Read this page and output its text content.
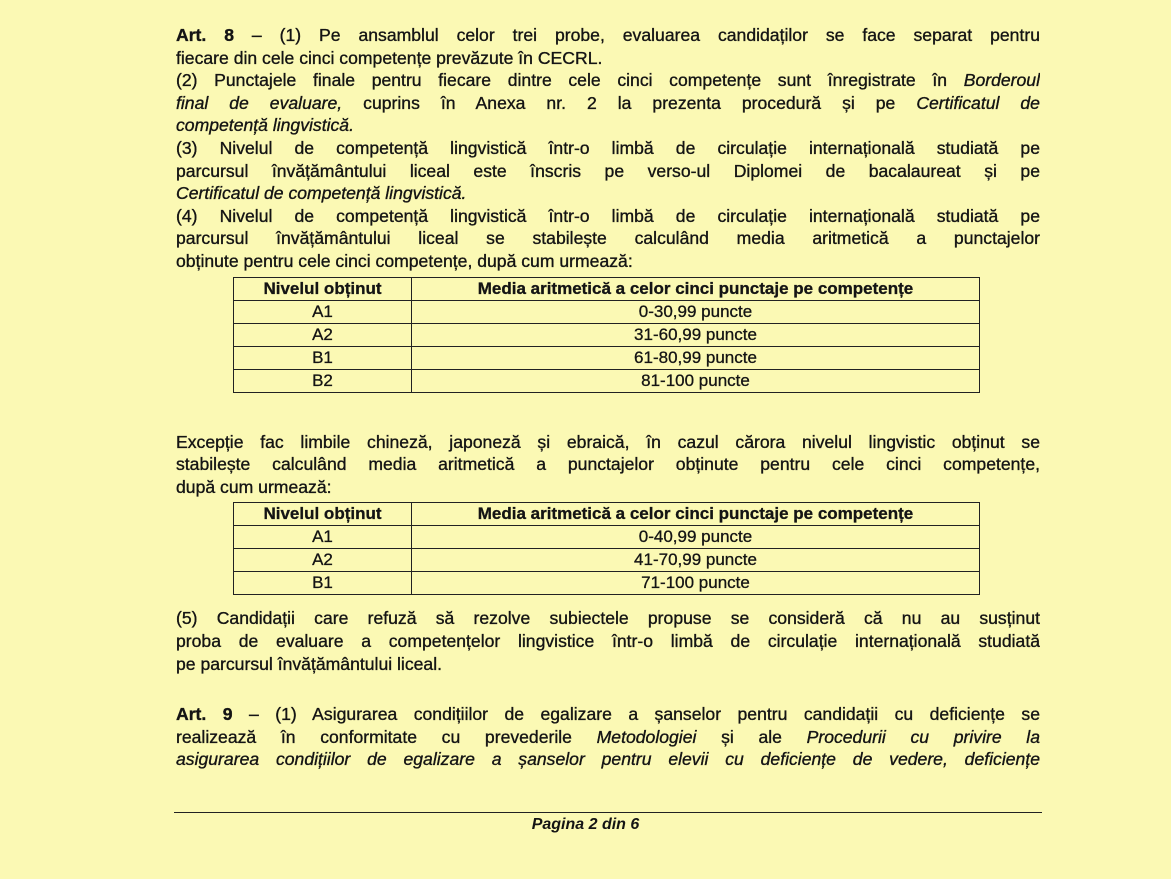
Art. 8 – (1) Pe ansamblul celor trei probe, evaluarea candidaților se face separat pentru
fiecare din cele cinci competențe prevăzute în CECRL.
(2) Punctajele finale pentru fiecare dintre cele cinci competențe sunt înregistrate în Borderoul
final de evaluare, cuprins în Anexa nr. 2 la prezenta procedură și pe Certificatul de
competență lingvistică.
(3) Nivelul de competență lingvistică într-o limbă de circulație internațională studiată pe
parcursul învățământului liceal este înscris pe verso-ul Diplomei de bacalaureat și pe
Certificatul de competență lingvistică.
(4) Nivelul de competență lingvistică într-o limbă de circulație internațională studiată pe
parcursul învățământului liceal se stabilește calculând media aritmetică a punctajelor
obținute pentru cele cinci competențe, după cum urmează:
Nivelul obținut	Media aritmetică a celor cinci punctaje pe competențe
A1	0-30,99 puncte
A2	31-60,99 puncte
B1	61-80,99 puncte
B2	81-100 puncte
Excepție fac limbile chineză, japoneză și ebraică, în cazul cărora nivelul lingvistic obținut se
stabilește calculând media aritmetică a punctajelor obținute pentru cele cinci competențe,
după cum urmează:
Nivelul obținut	Media aritmetică a celor cinci punctaje pe competențe
A1	0-40,99 puncte
A2	41-70,99 puncte
B1	71-100 puncte
(5) Candidații care refuză să rezolve subiectele propuse se consideră că nu au susținut
proba de evaluare a competențelor lingvistice într-o limbă de circulație internațională studiată
pe parcursul învățământului liceal.
Art. 9 – (1) Asigurarea condițiilor de egalizare a șanselor pentru candidații cu deficiențe se
realizează în conformitate cu prevederile Metodologiei și ale Procedurii cu privire la
asigurarea condițiilor de egalizare a șanselor pentru elevii cu deficiențe de vedere, deficiențe
Pagina 2 din 6
